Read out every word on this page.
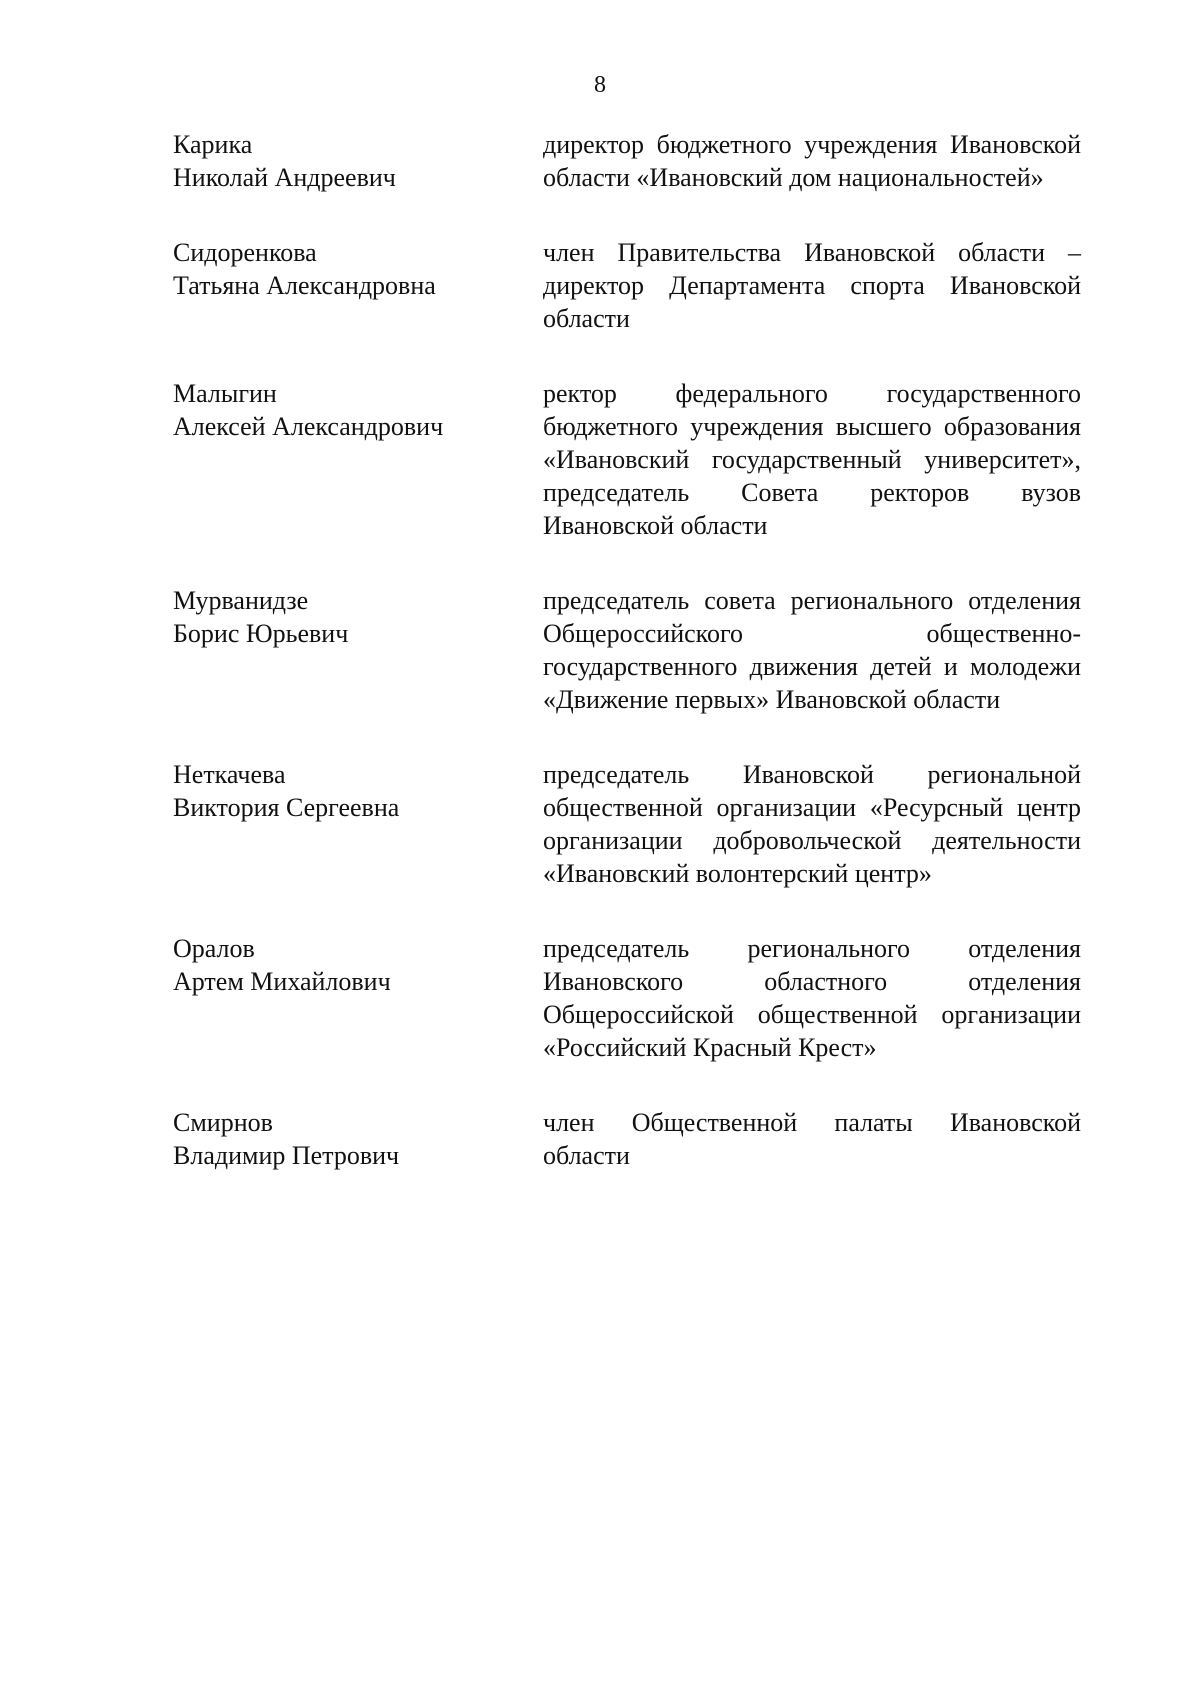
8
Карика
Николай Андреевич
директор бюджетного учреждения Ивановской области «Ивановский дом национальностей»
Сидоренкова
Татьяна Александровна
член Правительства Ивановской области – директор Департамента спорта Ивановской области
Малыгин
Алексей Александрович
ректор федерального государственного бюджетного учреждения высшего образования «Ивановский государственный университет», председатель Совета ректоров вузов Ивановской области
Мурванидзе
Борис Юрьевич
председатель совета регионального отделения Общероссийского общественно-государственного движения детей и молодежи «Движение первых» Ивановской области
Неткачева
Виктория Сергеевна
председатель Ивановской региональной общественной организации «Ресурсный центр организации добровольческой деятельности «Ивановский волонтерский центр»
Оралов
Артем Михайлович
председатель регионального отделения Ивановского областного отделения Общероссийской общественной организации «Российский Красный Крест»
Смирнов
Владимир Петрович
член Общественной палаты Ивановской области
